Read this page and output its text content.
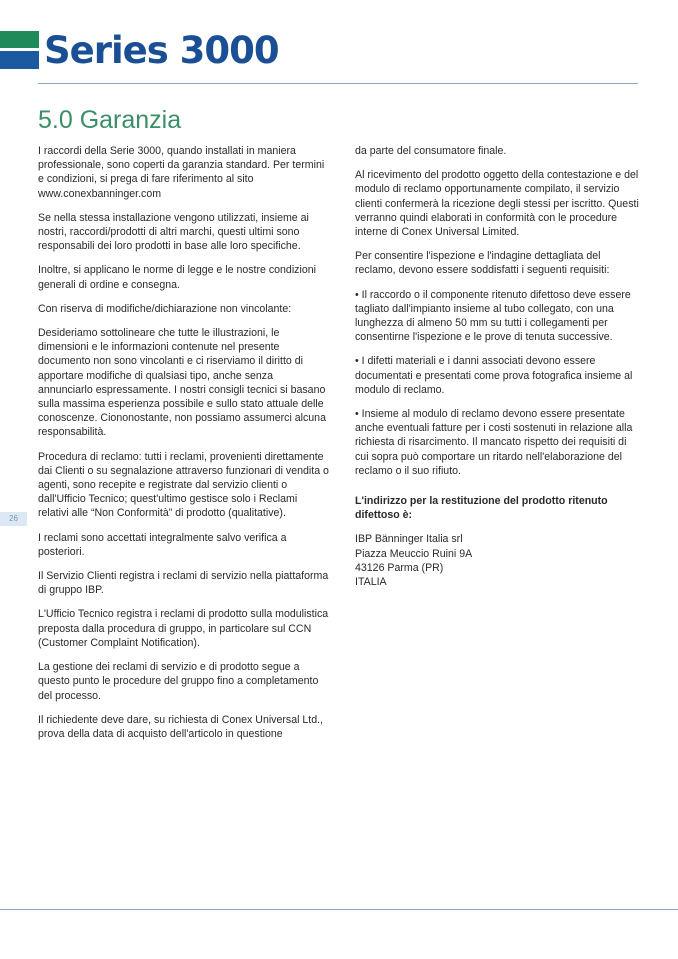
Series 3000
5.0 Garanzia

I raccordi della Serie 3000, quando installati in maniera professionale, sono coperti da garanzia standard. Per termini e condizioni, si prega di fare riferimento al sito www.conexbanninger.com

Se nella stessa installazione vengono utilizzati, insieme ai nostri, raccordi/prodotti di altri marchi, questi ultimi sono responsabili dei loro prodotti in base alle loro specifiche.

Inoltre, si applicano le norme di legge e le nostre condizioni generali di ordine e consegna.

Con riserva di modifiche/dichiarazione non vincolante:

Desideriamo sottolineare che tutte le illustrazioni, le dimensioni e le informazioni contenute nel presente documento non sono vincolanti e ci riserviamo il diritto di apportare modifiche di qualsiasi tipo, anche senza annunciarlo espressamente. I nostri consigli tecnici si basano sulla massima esperienza possibile e sullo stato attuale delle conoscenze. Ciononostante, non possiamo assumerci alcuna responsabilità.

Procedura di reclamo: tutti i reclami, provenienti direttamente dai Clienti o su segnalazione attraverso funzionari di vendita o agenti, sono recepite e registrate dal servizio clienti o dall'Ufficio Tecnico; quest'ultimo gestisce solo i Reclami relativi alle “Non Conformità” di prodotto (qualitative).

I reclami sono accettati integralmente salvo verifica a posteriori.

Il Servizio Clienti registra i reclami di servizio nella piattaforma di gruppo IBP.

L'Ufficio Tecnico registra i reclami di prodotto sulla modulistica preposta dalla procedura di gruppo, in particolare sul CCN (Customer Complaint Notification).

La gestione dei reclami di servizio e di prodotto segue a questo punto le procedure del gruppo fino a completamento del processo.

Il richiedente deve dare, su richiesta di Conex Universal Ltd., prova della data di acquisto dell'articolo in questione

da parte del consumatore finale.

Al ricevimento del prodotto oggetto della contestazione e del modulo di reclamo opportunamente compilato, il servizio clienti confermerà la ricezione degli stessi per iscritto. Questi verranno quindi elaborati in conformità con le procedure interne di Conex Universal Limited.

Per consentire l'ispezione e l'indagine dettagliata del reclamo, devono essere soddisfatti i seguenti requisiti:

• Il raccordo o il componente ritenuto difettoso deve essere tagliato dall'impianto insieme al tubo collegato, con una lunghezza di almeno 50 mm su tutti i collegamenti per consentirne l'ispezione e le prove di tenuta successive.

• I difetti materiali e i danni associati devono essere documentati e presentati come prova fotografica insieme al modulo di reclamo.

• Insieme al modulo di reclamo devono essere presentate anche eventuali fatture per i costi sostenuti in relazione alla richiesta di risarcimento. Il mancato rispetto dei requisiti di cui sopra può comportare un ritardo nell'elaborazione del reclamo o il suo rifiuto.

L'indirizzo per la restituzione del prodotto ritenuto difettoso è:

IBP Bänninger Italia srl
Piazza Meuccio Ruini 9A
43126 Parma (PR)
ITALIA

26
